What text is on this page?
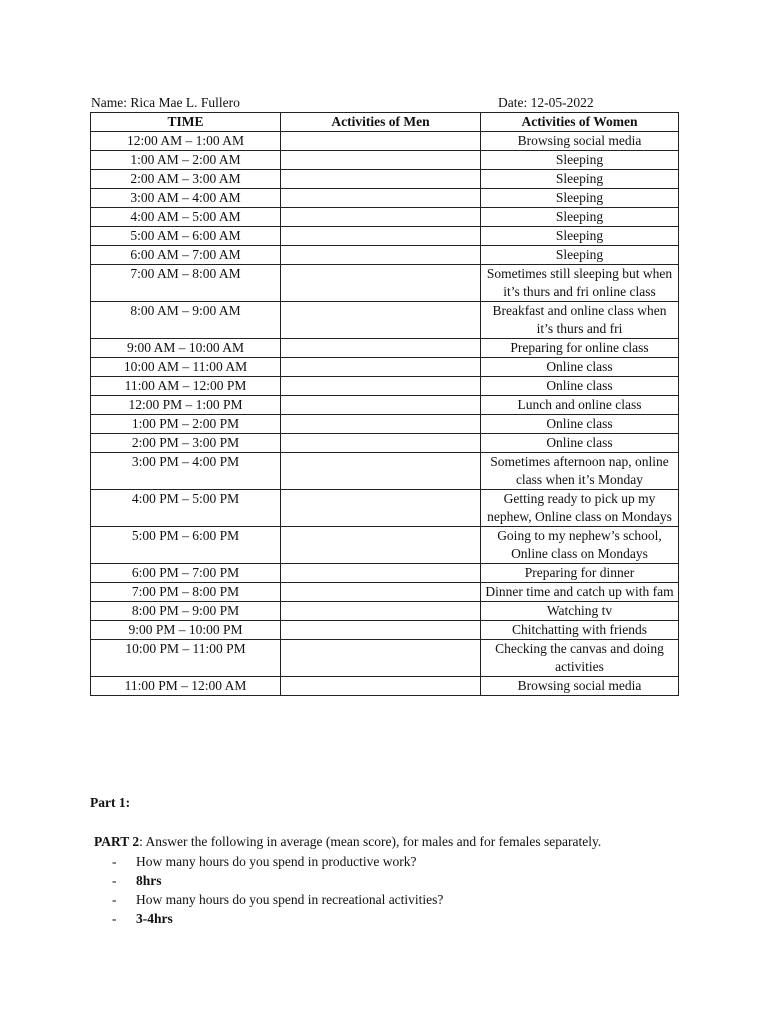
Name: Rica Mae L. Fullero	Date: 12-05-2022
TIME	Activities of Men	Activities of Women
12:00 AM – 1:00 AM		Browsing social media
1:00 AM – 2:00 AM		Sleeping
2:00 AM – 3:00 AM		Sleeping
3:00 AM – 4:00 AM		Sleeping
4:00 AM – 5:00 AM		Sleeping
5:00 AM – 6:00 AM		Sleeping
6:00 AM – 7:00 AM		Sleeping
7:00 AM – 8:00 AM		Sometimes still sleeping but when it’s thurs and fri online class
8:00 AM – 9:00 AM		Breakfast and online class when it’s thurs and fri
9:00 AM – 10:00 AM		Preparing for online class
10:00 AM – 11:00 AM		Online class
11:00 AM – 12:00 PM		Online class
12:00 PM – 1:00 PM		Lunch and online class
1:00 PM – 2:00 PM		Online class
2:00 PM – 3:00 PM		Online class
3:00 PM – 4:00 PM		Sometimes afternoon nap, online class when it’s Monday
4:00 PM – 5:00 PM		Getting ready to pick up my nephew, Online class on Mondays
5:00 PM – 6:00 PM		Going to my nephew’s school,
Online class on Mondays
6:00 PM – 7:00 PM		Preparing for dinner
7:00 PM – 8:00 PM		Dinner time and catch up with fam
8:00 PM – 9:00 PM		Watching tv
9:00 PM – 10:00 PM		Chitchatting with friends
10:00 PM – 11:00 PM		Checking the canvas and doing activities
11:00 PM – 12:00 AM		Browsing social media
Part 1:
PART 2: Answer the following in average (mean score), for males and for females separately.
- How many hours do you spend in productive work?
- 8hrs
- How many hours do you spend in recreational activities?
- 3-4hrs
